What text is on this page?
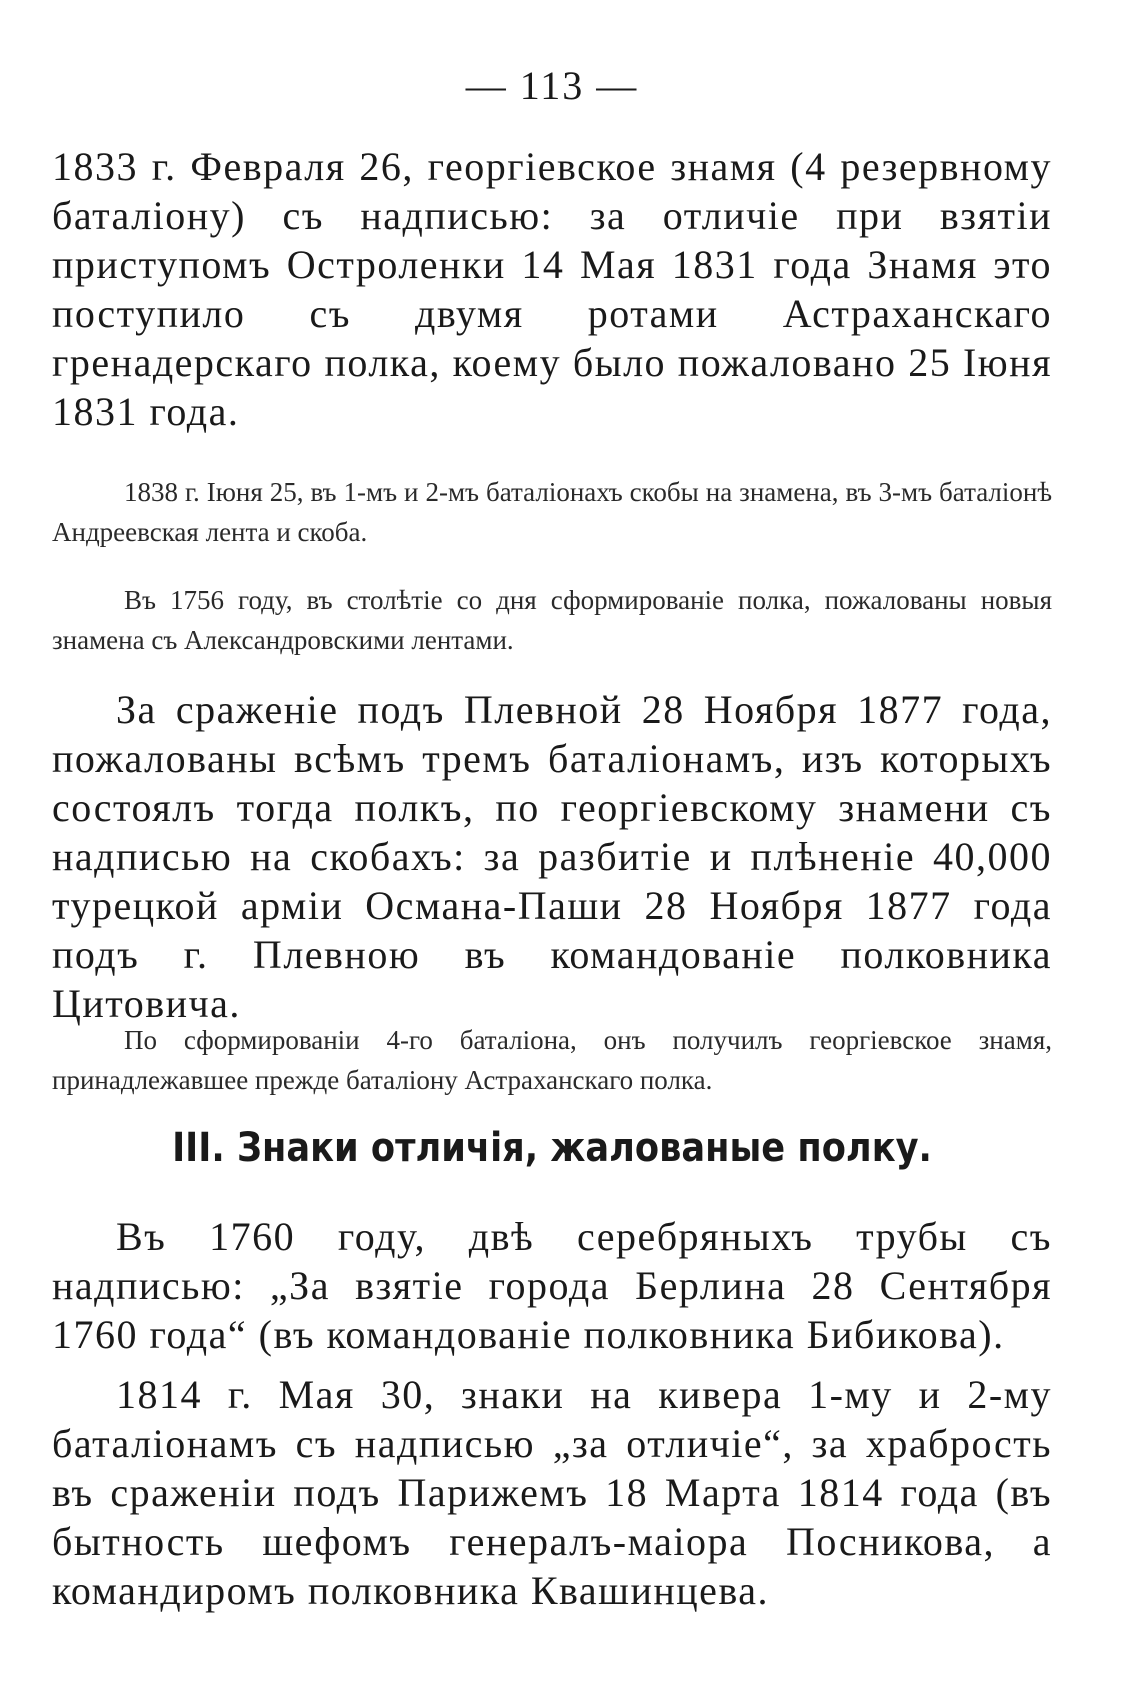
— 113 —

1833 г. Февраля 26, георгіевское знамя (4 резервному баталіону) съ надписью: за отличіе при взятіи приступомъ Остроленки 14 Мая 1831 года Знамя это поступило съ двумя ротами Астраханскаго гренадерскаго полка, коему было пожаловано 25 Іюня 1831 года.

1838 г. Іюня 25, въ 1-мъ и 2-мъ баталіонахъ скобы на знамена, въ 3-мъ баталіонѣ Андреевская лента и скоба.

Въ 1756 году, въ столѣтіе со дня сформированіе полка, пожалованы новыя знамена съ Александровскими лентами.

За сраженіе подъ Плевной 28 Ноября 1877 года, пожалованы всѣмъ тремъ баталіонамъ, изъ которыхъ состоялъ тогда полкъ, по георгіевскому знамени съ надписью на скобахъ: за разбитіе и плѣненіе 40,000 турецкой арміи Османа-Паши 28 Ноября 1877 года подъ г. Плевною въ командованіе полковника Цитовича.

По сформированіи 4-го баталіона, онъ получилъ георгіевское знамя, принадлежавшее прежде баталіону Астраханскаго полка.

III. Знаки отличія, жалованые полку.

Въ 1760 году, двѣ серебряныхъ трубы съ надписью: „За взятіе города Берлина 28 Сентября 1760 года“ (въ командованіе полковника Бибикова).

1814 г. Мая 30, знаки на кивера 1-му и 2-му баталіонамъ съ надписью „за отличіе“, за храбрость въ сраженіи подъ Парижемъ 18 Марта 1814 года (въ бытность шефомъ генералъ-маіора Посникова, а командиромъ полковника Квашинцева.
